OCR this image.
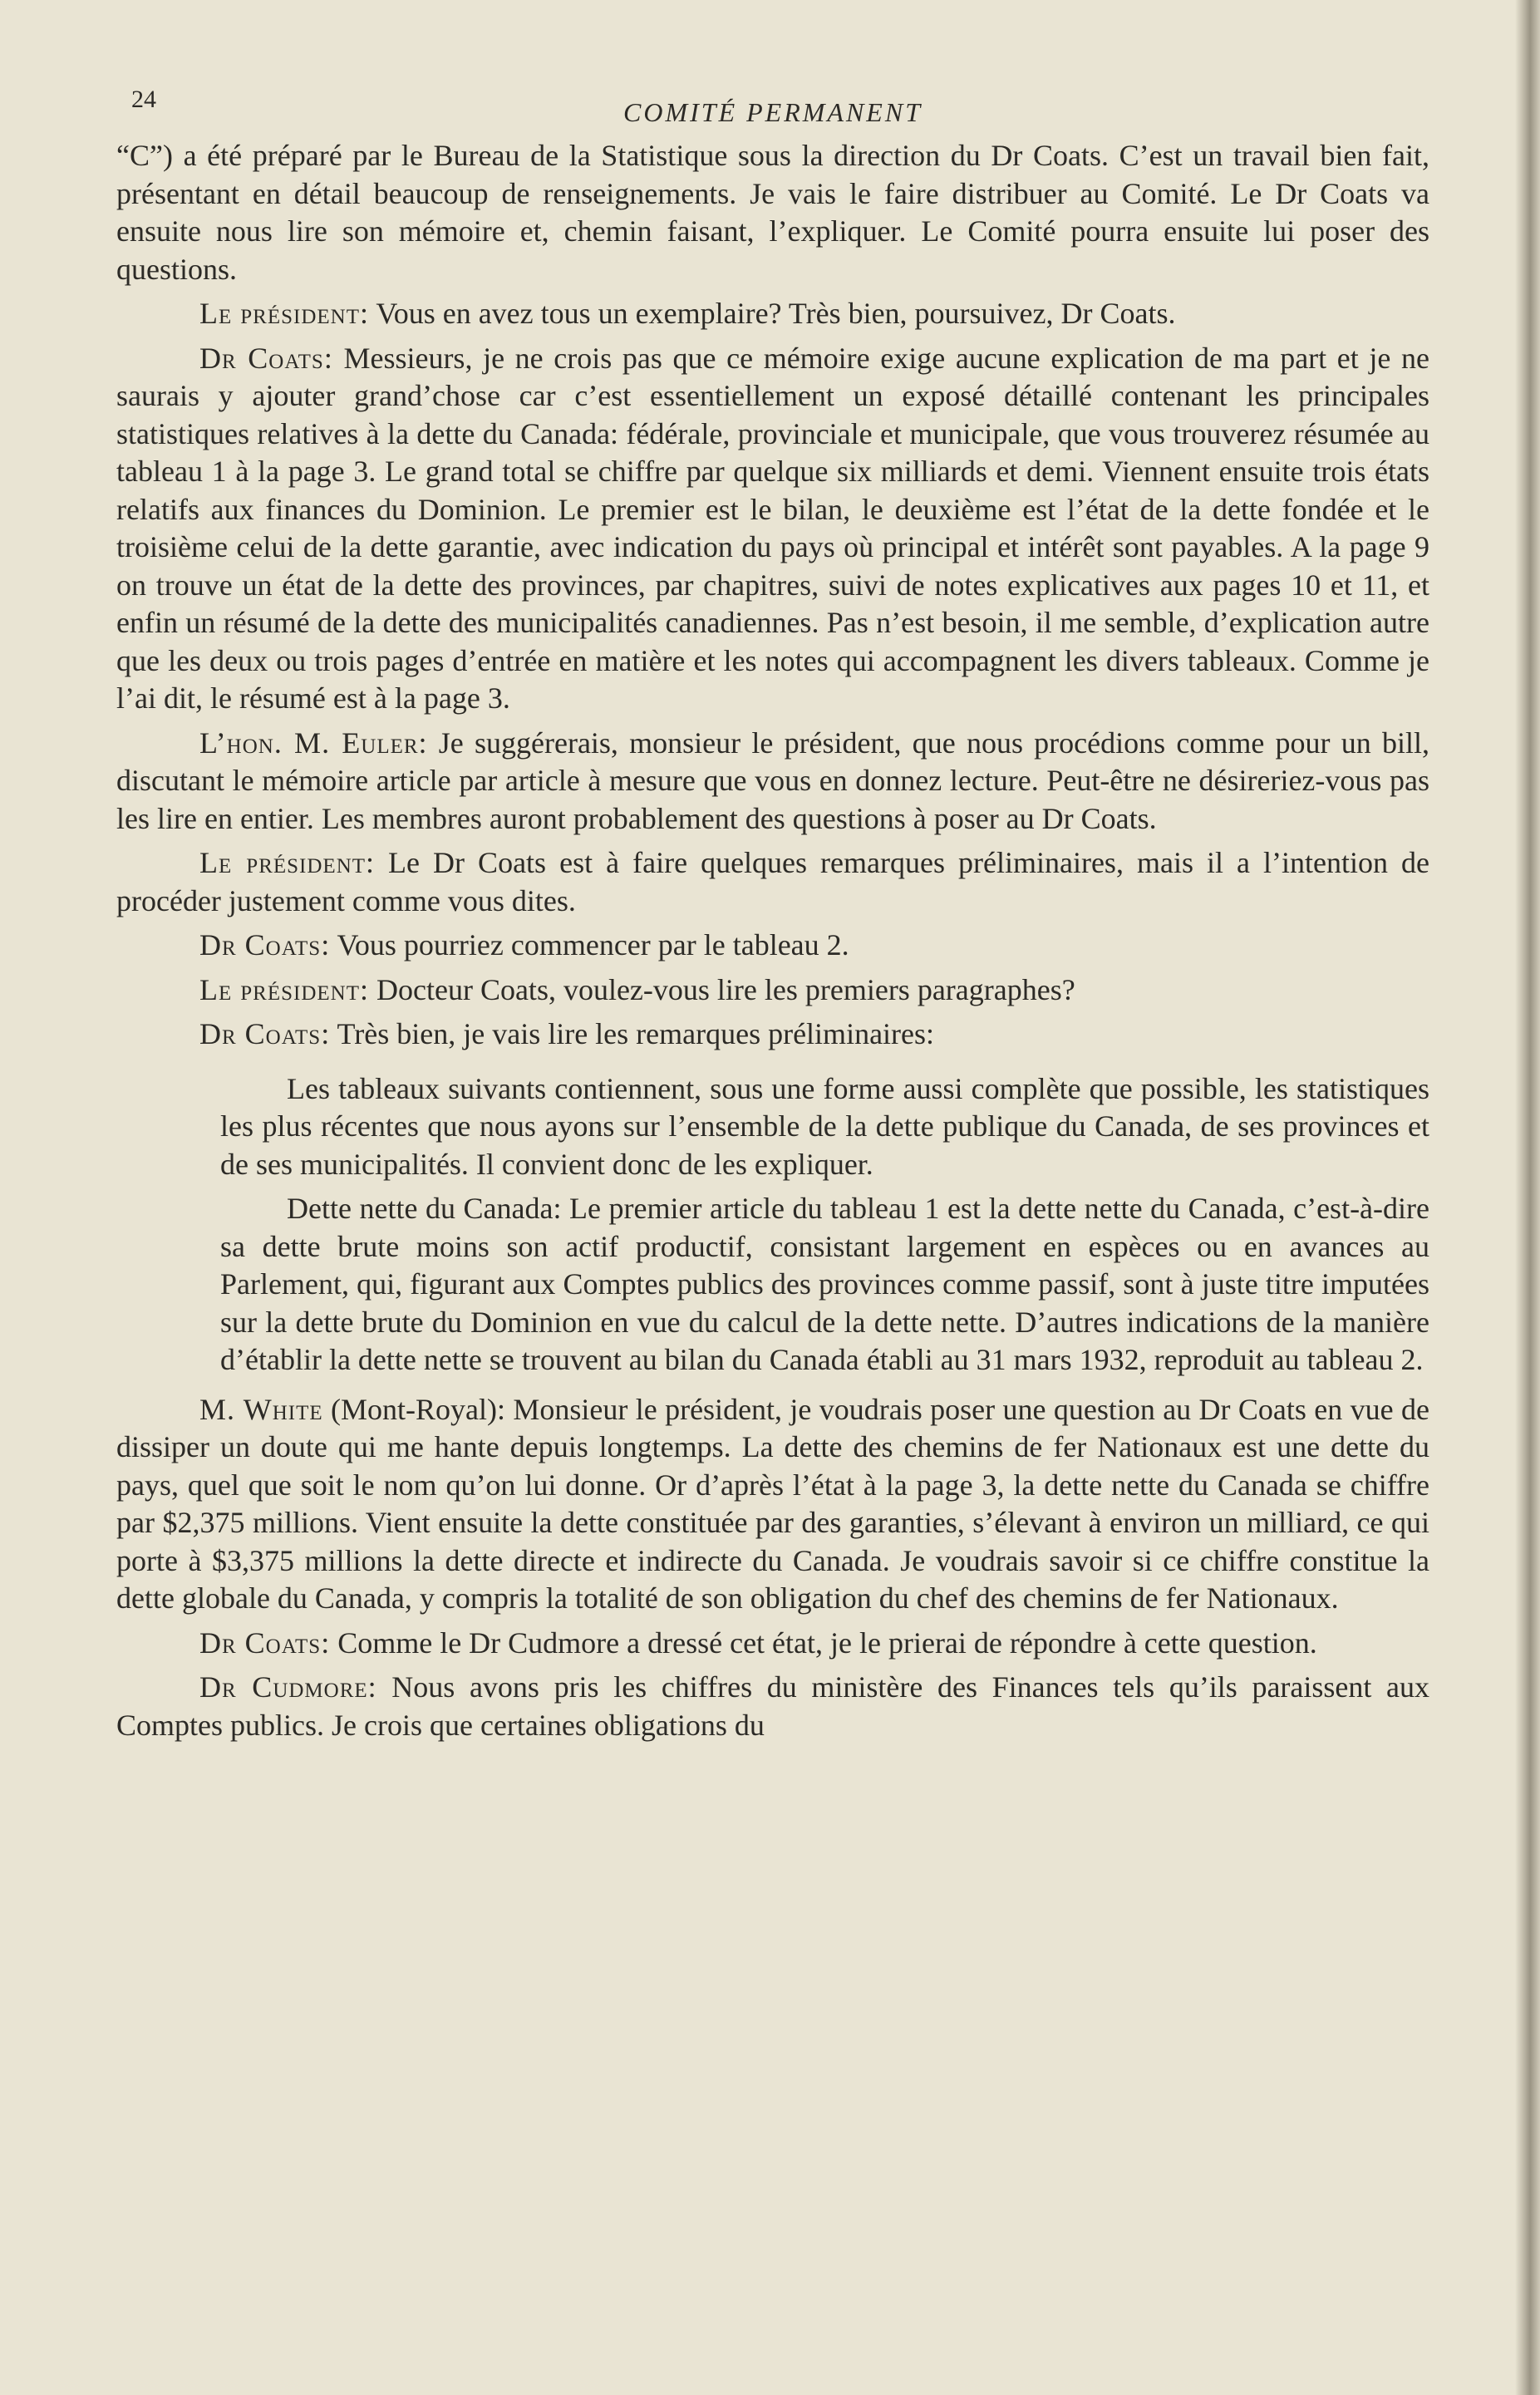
24	COMITÉ PERMANENT

“C”) a été préparé par le Bureau de la Statistique sous la direction du Dr Coats. C’est un travail bien fait, présentant en détail beaucoup de renseignements. Je vais le faire distribuer au Comité. Le Dr Coats va ensuite nous lire son mémoire et, chemin faisant, l’expliquer. Le Comité pourra ensuite lui poser des questions.

Le président: Vous en avez tous un exemplaire? Très bien, poursuivez, Dr Coats.

Dr Coats: Messieurs, je ne crois pas que ce mémoire exige aucune explication de ma part et je ne saurais y ajouter grand’chose car c’est essentiellement un exposé détaillé contenant les principales statistiques relatives à la dette du Canada: fédérale, provinciale et municipale, que vous trouverez résumée au tableau 1 à la page 3. Le grand total se chiffre par quelque six milliards et demi. Viennent ensuite trois états relatifs aux finances du Dominion. Le premier est le bilan, le deuxième est l’état de la dette fondée et le troisième celui de la dette garantie, avec indication du pays où principal et intérêt sont payables. A la page 9 on trouve un état de la dette des provinces, par chapitres, suivi de notes explicatives aux pages 10 et 11, et enfin un résumé de la dette des municipalités canadiennes. Pas n’est besoin, il me semble, d’explication autre que les deux ou trois pages d’entrée en matière et les notes qui accompagnent les divers tableaux. Comme je l’ai dit, le résumé est à la page 3.

L’hon. M. Euler: Je suggérerais, monsieur le président, que nous procédions comme pour un bill, discutant le mémoire article par article à mesure que vous en donnez lecture. Peut-être ne désireriez-vous pas les lire en entier. Les membres auront probablement des questions à poser au Dr Coats.

Le président: Le Dr Coats est à faire quelques remarques préliminaires, mais il a l’intention de procéder justement comme vous dites.

Dr Coats: Vous pourriez commencer par le tableau 2.

Le président: Docteur Coats, voulez-vous lire les premiers paragraphes?

Dr Coats: Très bien, je vais lire les remarques préliminaires:

Les tableaux suivants contiennent, sous une forme aussi complète que possible, les statistiques les plus récentes que nous ayons sur l’ensemble de la dette publique du Canada, de ses provinces et de ses municipalités. Il convient donc de les expliquer.

Dette nette du Canada: Le premier article du tableau 1 est la dette nette du Canada, c’est-à-dire sa dette brute moins son actif productif, consistant largement en espèces ou en avances au Parlement, qui, figurant aux Comptes publics des provinces comme passif, sont à juste titre imputées sur la dette brute du Dominion en vue du calcul de la dette nette. D’autres indications de la manière d’établir la dette nette se trouvent au bilan du Canada établi au 31 mars 1932, reproduit au tableau 2.

M. White (Mont-Royal): Monsieur le président, je voudrais poser une question au Dr Coats en vue de dissiper un doute qui me hante depuis longtemps. La dette des chemins de fer Nationaux est une dette du pays, quel que soit le nom qu’on lui donne. Or d’après l’état à la page 3, la dette nette du Canada se chiffre par $2,375 millions. Vient ensuite la dette constituée par des garanties, s’élevant à environ un milliard, ce qui porte à $3,375 millions la dette directe et indirecte du Canada. Je voudrais savoir si ce chiffre constitue la dette globale du Canada, y compris la totalité de son obligation du chef des chemins de fer Nationaux.

Dr Coats: Comme le Dr Cudmore a dressé cet état, je le prierai de répondre à cette question.

Dr Cudmore: Nous avons pris les chiffres du ministère des Finances tels qu’ils paraissent aux Comptes publics. Je crois que certaines obligations du
